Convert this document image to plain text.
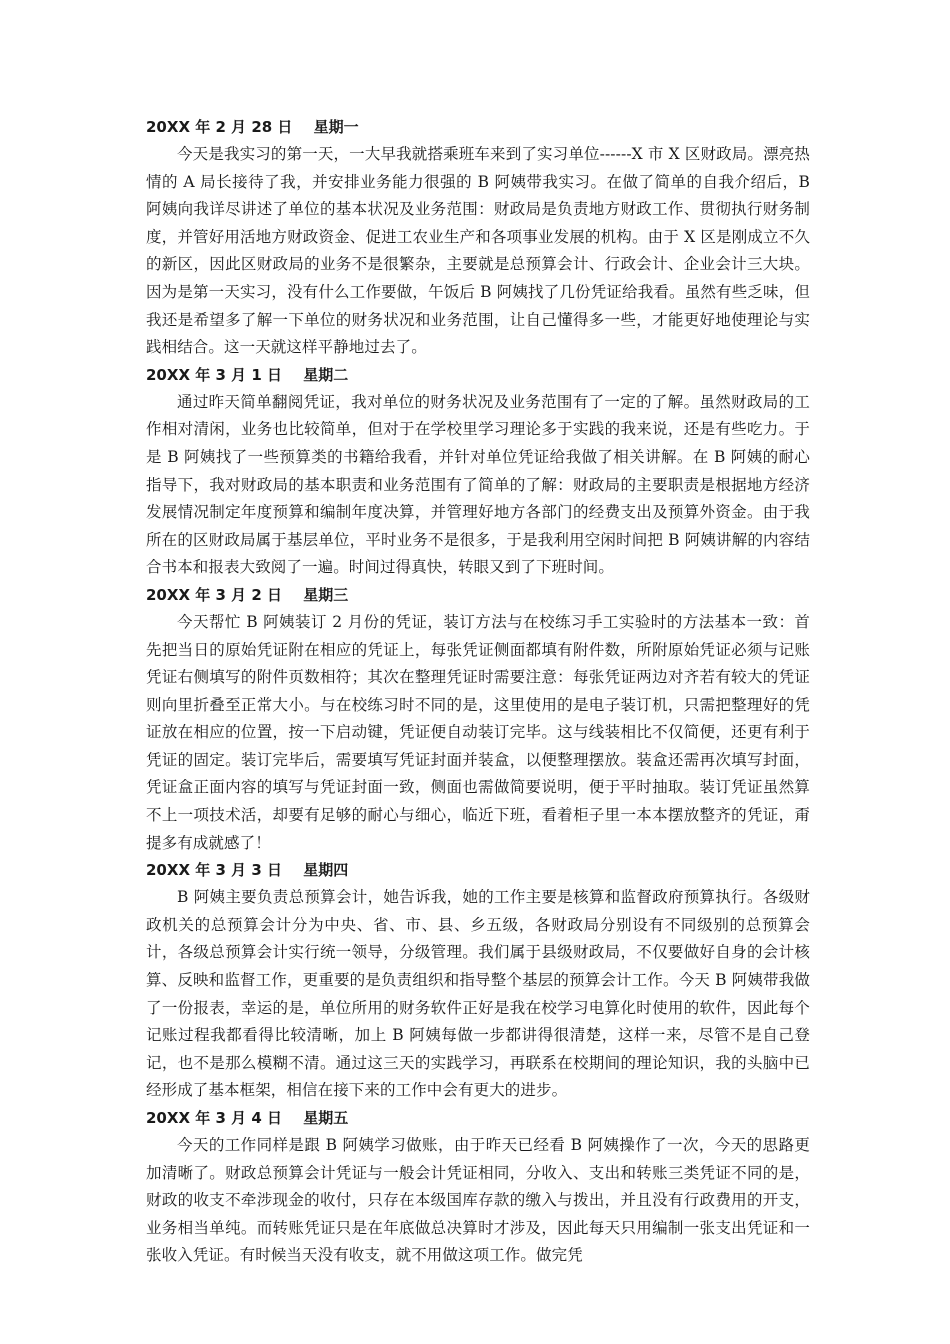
20XX 年 2 月 28 日 星期一

今天是我实习的第一天，一大早我就搭乘班车来到了实习单位------X 市 X 区财政局。漂亮热情的 A 局长接待了我，并安排业务能力很强的 B 阿姨带我实习。在做了简单的自我介绍后，B 阿姨向我详尽讲述了单位的基本状况及业务范围：财政局是负责地方财政工作、贯彻执行财务制度，并管好用活地方财政资金、促进工农业生产和各项事业发展的机构。由于 X 区是刚成立不久的新区，因此区财政局的业务不是很繁杂，主要就是总预算会计、行政会计、企业会计三大块。因为是第一天实习，没有什么工作要做，午饭后 B 阿姨找了几份凭证给我看。虽然有些乏味，但我还是希望多了解一下单位的财务状况和业务范围，让自己懂得多一些，才能更好地使理论与实践相结合。这一天就这样平静地过去了。

20XX 年 3 月 1 日 星期二

通过昨天简单翻阅凭证，我对单位的财务状况及业务范围有了一定的了解。虽然财政局的工作相对清闲，业务也比较简单，但对于在学校里学习理论多于实践的我来说，还是有些吃力。于是 B 阿姨找了一些预算类的书籍给我看，并针对单位凭证给我做了相关讲解。在 B 阿姨的耐心指导下，我对财政局的基本职责和业务范围有了简单的了解：财政局的主要职责是根据地方经济发展情况制定年度预算和编制年度决算，并管理好地方各部门的经费支出及预算外资金。由于我所在的区财政局属于基层单位，平时业务不是很多，于是我利用空闲时间把 B 阿姨讲解的内容结合书本和报表大致阅了一遍。时间过得真快，转眼又到了下班时间。

20XX 年 3 月 2 日 星期三

今天帮忙 B 阿姨装订 2 月份的凭证，装订方法与在校练习手工实验时的方法基本一致：首先把当日的原始凭证附在相应的凭证上，每张凭证侧面都填有附件数，所附原始凭证必须与记账凭证右侧填写的附件页数相符；其次在整理凭证时需要注意：每张凭证两边对齐若有较大的凭证则向里折叠至正常大小。与在校练习时不同的是，这里使用的是电子装订机，只需把整理好的凭证放在相应的位置，按一下启动键，凭证便自动装订完毕。这与线装相比不仅简便，还更有利于凭证的固定。装订完毕后，需要填写凭证封面并装盒，以便整理摆放。装盒还需再次填写封面，凭证盒正面内容的填写与凭证封面一致，侧面也需做简要说明，便于平时抽取。装订凭证虽然算不上一项技术活，却要有足够的耐心与细心，临近下班，看着柜子里一本本摆放整齐的凭证，甭提多有成就感了！

20XX 年 3 月 3 日 星期四

B 阿姨主要负责总预算会计，她告诉我，她的工作主要是核算和监督政府预算执行。各级财政机关的总预算会计分为中央、省、市、县、乡五级，各财政局分别设有不同级别的总预算会计，各级总预算会计实行统一领导，分级管理。我们属于县级财政局，不仅要做好自身的会计核算、反映和监督工作，更重要的是负责组织和指导整个基层的预算会计工作。今天 B 阿姨带我做了一份报表，幸运的是，单位所用的财务软件正好是我在校学习电算化时使用的软件，因此每个记账过程我都看得比较清晰，加上 B 阿姨每做一步都讲得很清楚，这样一来，尽管不是自己登记，也不是那么模糊不清。通过这三天的实践学习，再联系在校期间的理论知识，我的头脑中已经形成了基本框架，相信在接下来的工作中会有更大的进步。

20XX 年 3 月 4 日 星期五

今天的工作同样是跟 B 阿姨学习做账，由于昨天已经看 B 阿姨操作了一次，今天的思路更加清晰了。财政总预算会计凭证与一般会计凭证相同，分收入、支出和转账三类凭证不同的是，财政的收支不牵涉现金的收付，只存在本级国库存款的缴入与拨出，并且没有行政费用的开支，业务相当单纯。而转账凭证只是在年底做总决算时才涉及，因此每天只用编制一张支出凭证和一张收入凭证。有时候当天没有收支，就不用做这项工作。做完凭
